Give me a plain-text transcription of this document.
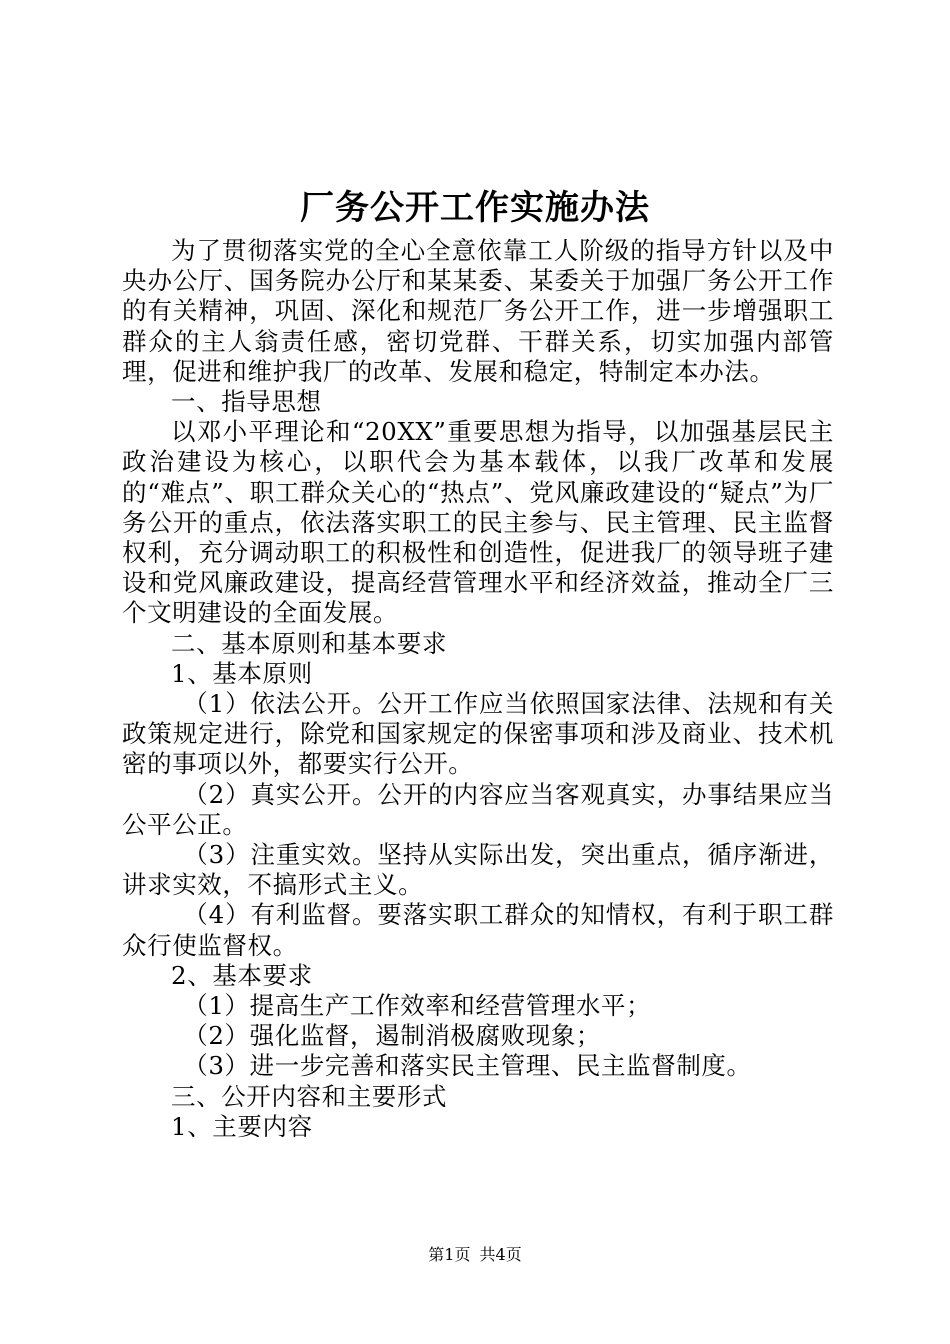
厂务公开工作实施办法

为了贯彻落实党的全心全意依靠工人阶级的指导方针以及中央办公厅、国务院办公厅和某某委、某委关于加强厂务公开工作的有关精神，巩固、深化和规范厂务公开工作，进一步增强职工群众的主人翁责任感，密切党群、干群关系，切实加强内部管理，促进和维护我厂的改革、发展和稳定，特制定本办法。

一、指导思想

以邓小平理论和“20XX”重要思想为指导，以加强基层民主政治建设为核心，以职代会为基本载体，以我厂改革和发展的“难点”、职工群众关心的“热点”、党风廉政建设的“疑点”为厂务公开的重点，依法落实职工的民主参与、民主管理、民主监督权利，充分调动职工的积极性和创造性，促进我厂的领导班子建设和党风廉政建设，提高经营管理水平和经济效益，推动全厂三个文明建设的全面发展。

二、基本原则和基本要求

1、基本原则

（1）依法公开。公开工作应当依照国家法律、法规和有关政策规定进行，除党和国家规定的保密事项和涉及商业、技术机密的事项以外，都要实行公开。

（2）真实公开。公开的内容应当客观真实，办事结果应当公平公正。

（3）注重实效。坚持从实际出发，突出重点，循序渐进，讲求实效，不搞形式主义。

（4）有利监督。要落实职工群众的知情权，有利于职工群众行使监督权。

2、基本要求

（1）提高生产工作效率和经营管理水平；

（2）强化监督，遏制消极腐败现象；

（3）进一步完善和落实民主管理、民主监督制度。

三、公开内容和主要形式

1、主要内容

第1页 共4页
